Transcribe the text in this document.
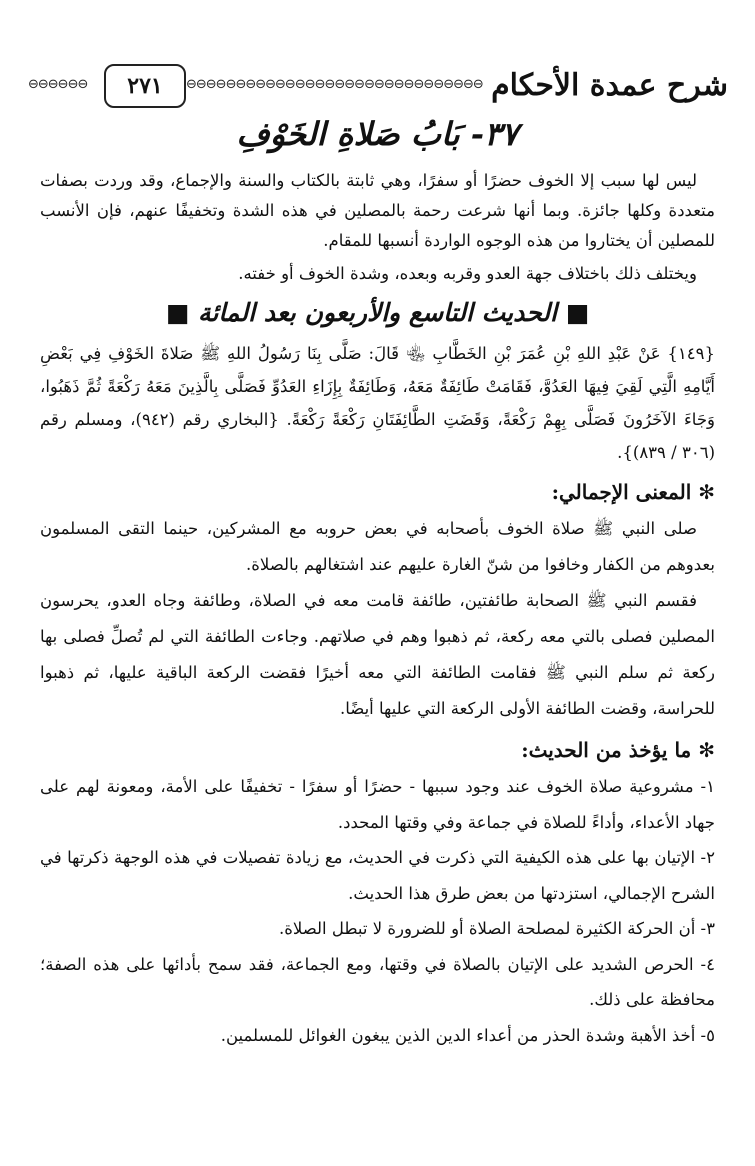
⊖⊖⊖⊖⊖⊖ ٢٧١ ⊖⊖⊖⊖⊖⊖⊖⊖⊖⊖⊖⊖⊖⊖⊖⊖⊖⊖⊖⊖⊖⊖⊖⊖⊖⊖⊖⊖⊖⊖ شرح عمدة الأحكام
٣٧- بَابُ صَلاةِ الخَوْفِ

ليس لها سبب إلا الخوف حضرًا أو سفرًا، وهي ثابتة بالكتاب والسنة والإجماع، وقد وردت بصفات متعددة وكلها جائزة. وبما أنها شرعت رحمة بالمصلين في هذه الشدة وتخفيفًا عنهم، فإن الأنسب للمصلين أن يختاروا من هذه الوجوه الواردة أنسبها للمقام.

ويختلف ذلك باختلاف جهة العدو وقربه وبعده، وشدة الخوف أو خفته.

■ الحديث التاسع والأربعون بعد المائة ■

{١٤٩} عَنْ عَبْدِ اللهِ بْنِ عُمَرَ بْنِ الخَطَّابِ ﵄ قَالَ: صَلَّى بِنَا رَسُولُ اللهِ ﷺ صَلاةَ الخَوْفِ فِي بَعْضِ أَيَّامِهِ الَّتِي لَقِيَ فِيهَا العَدُوَّ، فَقَامَتْ طَائِفَةٌ مَعَهُ، وَطَائِفَةٌ بِإِزَاءِ العَدُوِّ فَصَلَّى بِالَّذِينَ مَعَهُ رَكْعَةً ثُمَّ ذَهَبُوا، وَجَاءَ الآخَرُونَ فَصَلَّى بِهِمْ رَكْعَةً، وَقَضَتِ الطَّائِفَتَانِ رَكْعَةً رَكْعَةً. {البخاري رقم (٩٤٢)، ومسلم رقم (٣٠٦ / ٨٣٩)}.

✻ المعنى الإجمالي:

صلى النبي ﷺ صلاة الخوف بأصحابه في بعض حروبه مع المشركين، حينما التقى المسلمون بعدوهم من الكفار وخافوا من شنّ الغارة عليهم عند اشتغالهم بالصلاة.

فقسم النبي ﷺ الصحابة طائفتين، طائفة قامت معه في الصلاة، وطائفة وجاه العدو، يحرسون المصلين فصلى بالتي معه ركعة، ثم ذهبوا وهم في صلاتهم. وجاءت الطائفة التي لم تُصلِّ فصلى بها ركعة ثم سلم النبي ﷺ فقامت الطائفة التي معه أخيرًا فقضت الركعة الباقية عليها، ثم ذهبوا للحراسة، وقضت الطائفة الأولى الركعة التي عليها أيضًا.

✻ ما يؤخذ من الحديث:

١- مشروعية صلاة الخوف عند وجود سببها - حضرًا أو سفرًا - تخفيفًا على الأمة، ومعونة لهم على جهاد الأعداء، وأداءً للصلاة في جماعة وفي وقتها المحدد.

٢- الإتيان بها على هذه الكيفية التي ذكرت في الحديث، مع زيادة تفصيلات في هذه الوجهة ذكرتها في الشرح الإجمالي، استزدتها من بعض طرق هذا الحديث.

٣- أن الحركة الكثيرة لمصلحة الصلاة أو للضرورة لا تبطل الصلاة.

٤- الحرص الشديد على الإتيان بالصلاة في وقتها، ومع الجماعة، فقد سمح بأدائها على هذه الصفة؛ محافظة على ذلك.

٥- أخذ الأهبة وشدة الحذر من أعداء الدين الذين يبغون الغوائل للمسلمين.
